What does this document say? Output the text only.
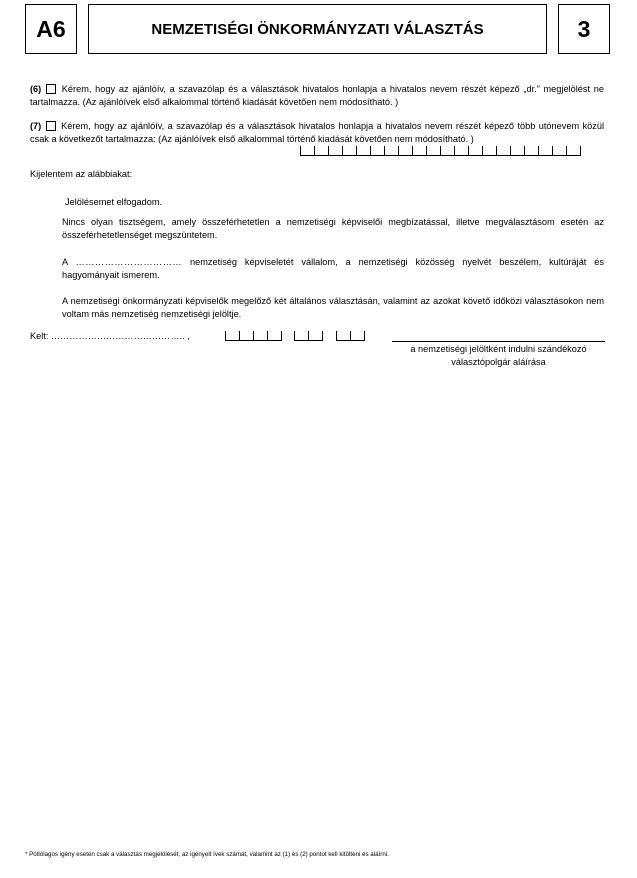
A6	NEMZETISÉGI ÖNKORMÁNYZATI VÁLASZTÁS	3
(6)  Kérem, hogy az ajánlóív, a szavazólap és a választások hivatalos honlapja a hivatalos nevem részét képező „dr.” megjelölést ne tartalmazza. (Az ajánlóívek első alkalommal történő kiadását követően nem módosítható. )
(7)  Kérem, hogy az ajánlóív, a szavazólap és a választások hivatalos honlapja a hivatalos nevem részét képező több utónevem közül csak a következőt tartalmazza: (Az ajánlóívek első alkalommal történő kiadását követően nem módosítható. )
Kijelentem az alábbiakat:
Jelölésemet elfogadom.
Nincs olyan tisztségem, amely összeférhetetlen a nemzetiségi képviselői megbízatással, illetve megválasztásom esetén az összeférhetetlenséget megszüntetem.
A …………………………… nemzetiség képviseletét vállalom, a nemzetiségi közösség nyelvét beszélem, kultúráját és hagyományait ismerem.
A nemzetiségi önkormányzati képviselők megelőző két általános választásán, valamint az azokat követő időközi választásokon nem voltam más nemzetiség nemzetiségi jelöltje.
Kelt: …………………………………….. ,
a nemzetiségi jelöltként indulni szándékozó
választópolgár aláírása
* Pótlólagos igény esetén csak a választás megjelölését, az igényelt ívek számát, valamint az (1) és (2) pontot kell kitölteni és aláírni.
